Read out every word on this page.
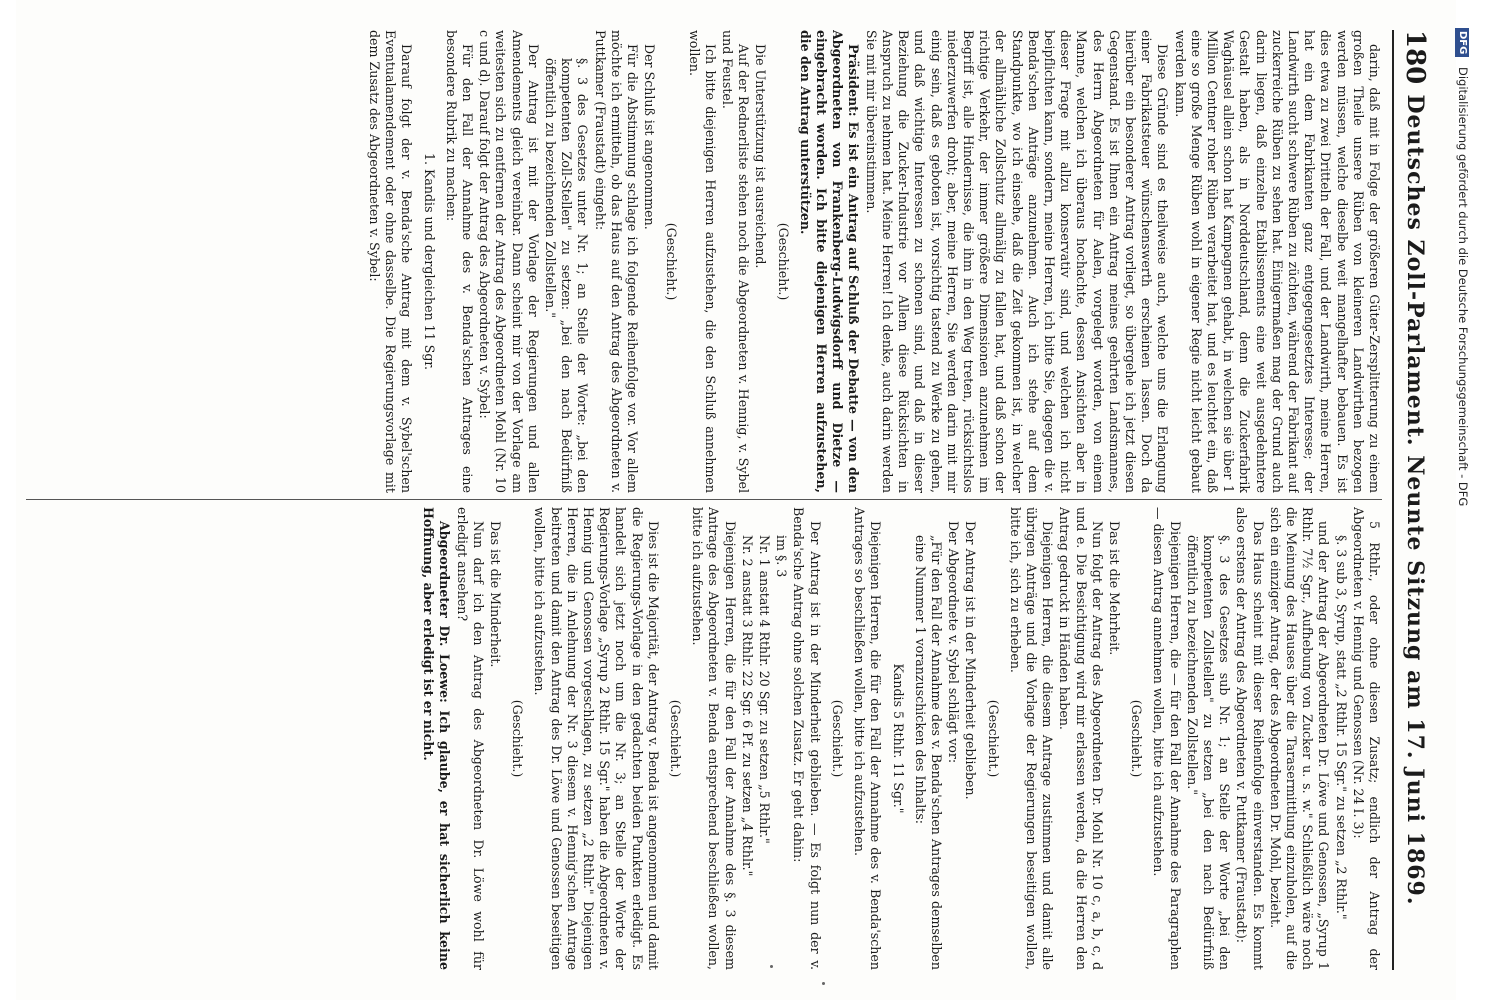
180
Deutsches Zoll-Parlament. Neunte Sitzung am 17. Juni 1869.

darin, daß mit in Folge der größeren Güter-Zersplitterung zu einem großen Theile unsere Rüben von kleineren Landwirthen bezogen werden müssen, welche dieselbe weit mangelhafter bebauen. Es ist dies etwa zu zwei Dritteln der Fall, und der Landwirth, meine Herren, hat ein dem Fabrikanten ganz entgegengesetztes Interesse; der Landwirth sucht schwere Rüben zu züchten, während der Fabrikant auf zuckerreiche Rüben zu sehen hat. Einigermaßen mag der Grund auch darin liegen, daß einzelne Etablissements eine weit ausgedehntere Gestalt haben, als in Norddeutschland, denn die Zuckerfabrik Waghäusel allein schon hat Kampagnen gehabt, in welchen sie über 1 Million Centner roher Rüben verarbeitet hat, und es leuchtet ein, daß eine so große Menge Rüben wohl in eigener Regie nicht leicht gebaut werden kann.

Diese Gründe sind es theilweise auch, welche uns die Erlangung einer Fabrikatsteuer wünschenswerth erscheinen lassen. Doch da hierüber ein besonderer Antrag vorliegt, so übergehe ich jetzt diesen Gegenstand. Es ist Ihnen ein Antrag meines geehrten Landsmannes, des Herrn Abgeordneten für Aalen, vorgelegt worden, von einem Manne, welchen ich überaus hochachte, dessen Ansichten aber in dieser Frage mit allzu konservativ sind, und welchen ich nicht beipflichten kann, sondern, meine Herren, ich bitte Sie, dagegen die v. Benda'schen Anträge anzunehmen. Auch ich stehe auf dem Standpunkte, wo ich einsehe, daß die Zeit gekommen ist, in welcher der allmähliche Zollschutz allmälig zu fallen hat, und daß schon der richtige Verkehr, der immer größere Dimensionen anzunehmen im Begriff ist, alle Hindernisse, die ihm in den Weg treten, rücksichtslos niederzuwerfen droht; aber, meine Herren, Sie werden darin mit mir einig sein, daß es geboten ist, vorsichtig tastend zu Werke zu gehen, und daß wichtige Interessen zu schonen sind, und daß in dieser Beziehung die Zucker-Industrie vor Allem diese Rücksichten in Anspruch zu nehmen hat. Meine Herren! Ich denke, auch darin werden Sie mit mir übereinstimmen.

Präsident: Es ist ein Antrag auf Schluß der Debatte — von den Abgeordneten von Frankenberg-Ludwigsdorff und Dietze — eingebracht worden. Ich bitte diejenigen Herren aufzustehen, die den Antrag unterstützen.

(Geschieht.)

Die Unterstützung ist ausreichend.

Auf der Rednerliste stehen noch die Abgeordneten v. Hennig, v. Sybel und Feustel.

Ich bitte diejenigen Herren aufzustehen, die den Schluß annehmen wollen.

(Geschieht.)

Der Schluß ist angenommen.

Für die Abstimmung schlage ich folgende Reihenfolge vor. Vor allem möchte ich ermitteln, ob das Haus auf den Antrag des Abgeordneten v. Puttkamer (Fraustadt) eingeht:

§. 3 des Gesetzes unter Nr. 1; an Stelle der Worte: „bei den kompetenten Zoll-Stellen" zu setzen: „bei den nach Bedürfniß öffentlich zu bezeichnenden Zollstellen."

Der Antrag ist mit der Vorlage der Regierungen und allen Amendements gleich vereinbar. Dann scheint mir von der Vorlage am weitesten sich zu entfernen der Antrag des Abgeordneten Mohl (Nr. 10 c und d). Darauf folgt der Antrag des Abgeordneten v. Sybel:

Für den Fall der Annahme des v. Benda'schen Antrages eine besondere Rubrik zu machen:

1. Kandis und dergleichen 11 Sgr.

Darauf folgt der v. Benda'sche Antrag mit dem v. Sybel'schen Eventualamendement oder ohne dasselbe. Die Regierungsvorlage mit dem Zusatz des Abgeordneten v. Sybel:

5 Rthlr., oder ohne diesen Zusatz; endlich der Antrag der Abgeordneten v. Hennig und Genossen (Nr. 24 I. 3):

§. 3 sub 3, Syrup, statt „2 Rthlr. 15 Sgr." zu setzen „2 Rthlr."

und der Antrag der Abgeordneten Dr. Löwe und Genossen, „Syrup 1 Rthlr. 7½ Sgr., Aufhebung von Zucker u. s. w." Schließlich wäre noch die Meinung des Hauses über die Tarasermittlung einzuholen, auf die sich ein einziger Antrag, der des Abgeordneten Dr. Mohl, bezieht.

Das Haus scheint mit dieser Reihenfolge einverstanden. Es kommt also erstens der Antrag des Abgeordneten v. Puttkamer (Fraustadt):

§. 3 des Gesetzes sub Nr. 1; an Stelle der Worte „bei den kompetenten Zollstellen" zu setzen „bei den nach Bedürfniß öffentlich zu bezeichnenden Zollstellen."

Diejenigen Herren, die — für den Fall der Annahme des Paragraphen — diesen Antrag annehmen wollen, bitte ich aufzustehen.

(Geschieht.)

Das ist die Mehrheit.

Nun folgt der Antrag des Abgeordneten Dr. Mohl Nr. 10 c, a, b, c, d und e. Die Besichtigung wird mir erlassen werden, da die Herren den Antrag gedruckt in Händen haben.

Diejenigen Herren, die diesem Antrage zustimmen und damit alle übrigen Anträge und die Vorlage der Regierungen beseitigen wollen, bitte ich, sich zu erheben.

(Geschieht.)

Der Antrag ist in der Minderheit geblieben.

Der Abgeordnete v. Sybel schlägt vor:

„Für den Fall der Annahme des v. Benda'schen Antrages demselben eine Nummer 1 voranzuschicken des Inhalts:

Kandis 5 Rthlr. 11 Sgr."

Diejenigen Herren, die für den Fall der Annahme des v. Benda'schen Antrages so beschließen wollen, bitte ich aufzustehen.

(Geschieht.)

Der Antrag ist in der Minderheit geblieben. — Es folgt nun der v. Benda'sche Antrag ohne solchen Zusatz. Er geht dahin:

im §. 3

Nr. 1 anstatt 4 Rthlr. 20 Sgr. zu setzen „5 Rthlr."

Nr. 2 anstatt 3 Rthlr. 22 Sgr. 6 Pf. zu setzen „4 Rthlr."

Diejenigen Herren, die für den Fall der Annahme des §. 3 diesem Antrage des Abgeordneten v. Benda entsprechend beschließen wollen, bitte ich aufzustehen.

(Geschieht.)

Dies ist die Majorität, der Antrag v. Benda ist angenommen und damit die Regierungs-Vorlage in den gedachten beiden Punkten erledigt. Es handelt sich jetzt noch um die Nr. 3; an Stelle der Worte der Regierungs-Vorlage „Syrup 2 Rthlr. 15 Sgr." haben die Abgeordneten v. Hennig und Genossen vorgeschlagen, zu setzen „2 Rthlr." Diejenigen Herren, die in Anlehnung der Nr. 3 diesem v. Hennig'schen Antrage beitreten und damit den Antrag des Dr. Löwe und Genossen beseitigen wollen, bitte ich aufzustehen.

(Geschieht.)

Das ist die Minderheit.

Nun darf ich den Antrag des Abgeordneten Dr. Löwe wohl für erledigt ansehen?

Abgeordneter Dr. Loewe: Ich glaube, er hat sicherlich keine Hoffnung, aber erledigt ist er nicht.

DFG Digitalisierung gefördert durch die Deutsche Forschungsgemeinschaft - DFG
